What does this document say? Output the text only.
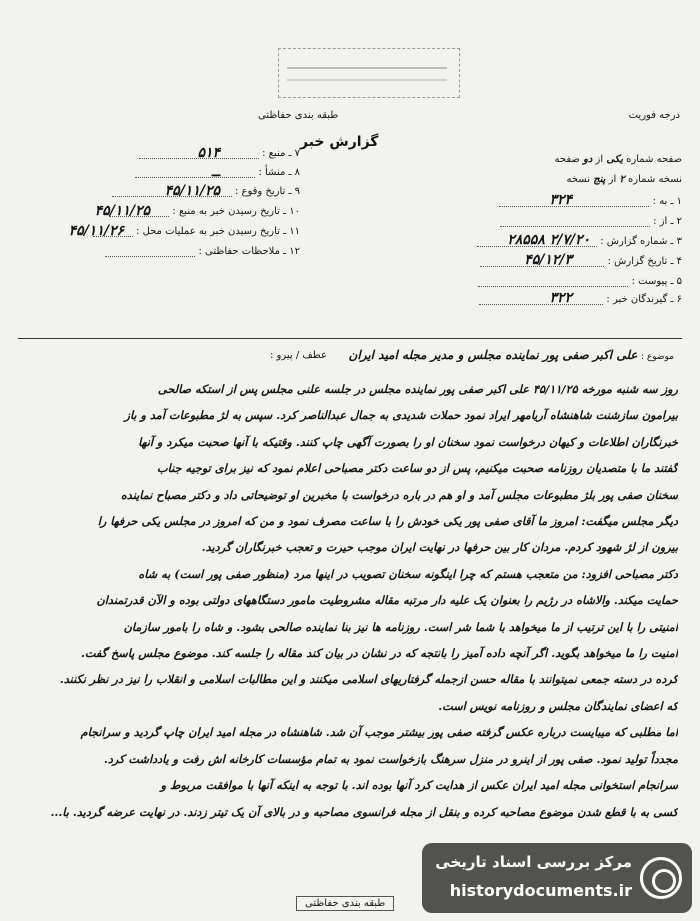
طبقه بندی حفاظتی	درجه فوریت
گزارش خبر
۷ ـ منبع :
۵۱۴
۸ ـ منشأ :
ــ
۹ ـ تاریخ وقوع :
۴۵/۱۱/۲۵
۱۰ ـ تاریخ رسیدن خبر به منبع :
۴۵/۱۱/۲۵
۱۱ ـ تاریخ رسیدن خبر به عملیات محل :
۴۵/۱۱/۲۶
۱۲ ـ ملاحظات حفاظتی :
صفحه شماره یکی از دو صفحه
نسخه شماره ۲ از پنج نسخه
۱ ـ به :
۳۲۴
۲ ـ از :
۳ ـ شماره گزارش :
۲/۷/۲۰ ۲۸۵۵۸
۴ ـ تاریخ گزارش :
۴۵/۱۲/۳
۵ ـ پیوست :
۶ ـ گیرندگان خبر :
۳۲۲
موضوع : علی اکبر صفی پور نماینده مجلس و مدیر مجله امید ایران
عطف / پیرو :

روز سه شنبه مورخه ۴۵/۱۱/۲۵ علی اکبر صفی پور نماینده مجلس در جلسه علنی مجلس پس از استکه صالحی

بیرامون سازشنت شاهنشاه آریامهر ایراد نمود حملات شدیدی به جمال عبدالناصر کرد. سپس به لژ مطبوعات آمد و باز

خبرنگاران اطلاعات و کیهان درخواست نمود سخنان او را بصورت آگهی چاپ کنند. وقتیکه با آنها صحبت میکرد و آنها

گفتند ما با متصدیان روزنامه صحبت میکنیم، پس از دو ساعت دکتر مصباحی اعلام نمود که نیز برای توجیه جناب

سخنان صفی پور بلژ مطبوعات مجلس آمد و او هم در باره درخواست با مخبرین او توضیحاتی داد و دکتر مصباح نماینده

دیگر مجلس میگفت: امروز ما آقای صفی پور یکی خودش را با ساعت مصرف نمود و من که امروز در مجلس یکی حرفها را

بیرون از لژ شهود کردم. مردان کار بین حرفها در نهایت ایران موجب حیرت و تعجب خبرنگاران گردید.

دکتر مصباحی افزود: من متعجب هستم که چرا اینگونه سخنان تصویب در اینها مرد (منظور صفی پور است) به شاه

حمایت میکند. والاشاه در رژیم را بعنوان یک علیه دار مرتبه مقاله مشروطیت مامور دستگاههای دولتی بوده و الآن قدرتمندان

امنیتی را با این ترتیب از ما میخواهد با شما شر است. روزنامه ها نیز بنا نماینده صالحی بشود. و شاه را بامور سازمان

امنیت را ما میخواهد بگوید. اگر آنچه داده آمیز را بانتجه که در نشان در بیان کند مقاله را جلسه کند. موضوع مجلس پاسخ گفت.

کرده در دسته جمعی نمیتوانند با مقاله حسن ازجمله گرفتاریهای اسلامی میکنند و این مطالبات اسلامی و انقلاب را نیز در نظر نکنند.

که اعضای نمایندگان مجلس و روزنامه نویس است.

اما مطلبی که میبایست درباره عکس گرفته صفی پور بیشتر موجب آن شد. شاهنشاه در مجله امید ایران چاپ گردید و سرانجام

مجدداً تولید نمود. صفی پور از اینرو در منزل سرهنگ بازخواست نمود به تمام مؤسسات کارخانه اش رفت و یادداشت کرد.

سرانجام استخوانی مجله امید ایران عکس از هدایت کرد آنها بوده اند. با توجه به اینکه آنها با موافقت مربوط و

کسی به با قطع شدن موضوع مصاحبه کرده و بنقل از مجله فرانسوی مصاحبه و در بالای آن یک تیتر زدند. در نهایت عرضه گردید. با...

طبقه بندی حفاظتی
مرکز بررسی اسناد تاریخی
historydocuments.ir
